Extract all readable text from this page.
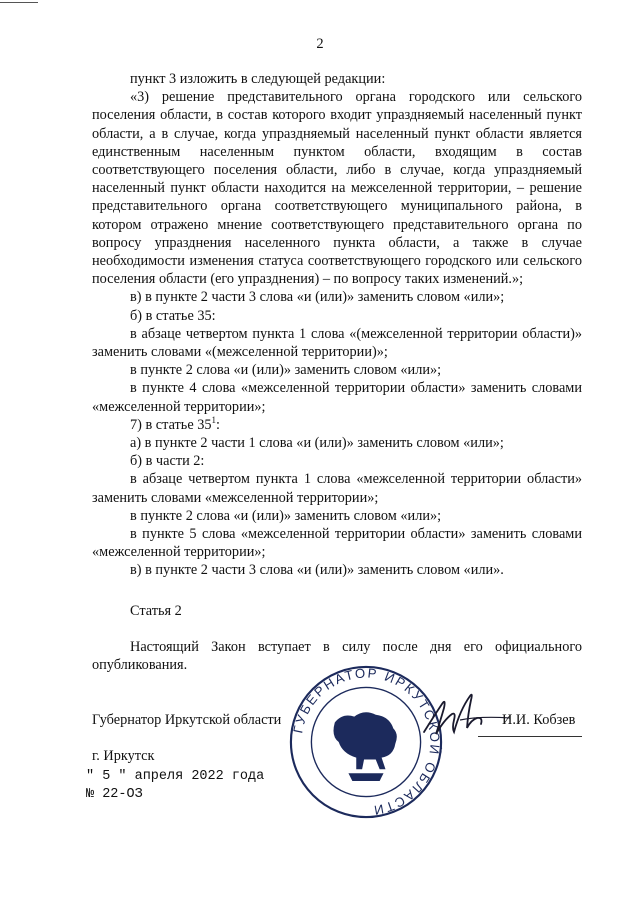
2

пункт 3 изложить в следующей редакции:

«3) решение представительного органа городского или сельского поселения области, в состав которого входит упраздняемый населенный пункт области, а в случае, когда упраздняемый населенный пункт области является единственным населенным пунктом области, входящим в состав соответствующего поселения области, либо в случае, когда упраздняемый населенный пункт области находится на межселенной территории, – решение представительного органа соответствующего муниципального района, в котором отражено мнение соответствующего представительного органа по вопросу упразднения населенного пункта области, а также в случае необходимости изменения статуса соответствующего городского или сельского поселения области (его упразднения) – по вопросу таких изменений.»;

в) в пункте 2 части 3 слова «и (или)» заменить словом «или»;

б) в статье 35:

в абзаце четвертом пункта 1 слова «(межселенной территории области)» заменить словами «(межселенной территории)»;

в пункте 2 слова «и (или)» заменить словом «или»;

в пункте 4 слова «межселенной территории области» заменить словами «межселенной территории»;

7) в статье $35^1$:

а) в пункте 2 части 1 слова «и (или)» заменить словом «или»;

б) в части 2:

в абзаце четвертом пункта 1 слова «межселенной территории области» заменить словами «межселенной территории»;

в пункте 2 слова «и (или)» заменить словом «или»;

в пункте 5 слова «межселенной территории области» заменить словами «межселенной территории»;

в) в пункте 2 части 3 слова «и (или)» заменить словом «или».

Статья 2

Настоящий Закон вступает в силу после дня его официального опубликования.

Губернатор Иркутской области
ГУБЕРНАТОР ИРКУТСКОЙ ОБЛАСТИ
И.И. Кобзев
г. Иркутск
" 5 " апреля 2022 года
№ 22-ОЗ
